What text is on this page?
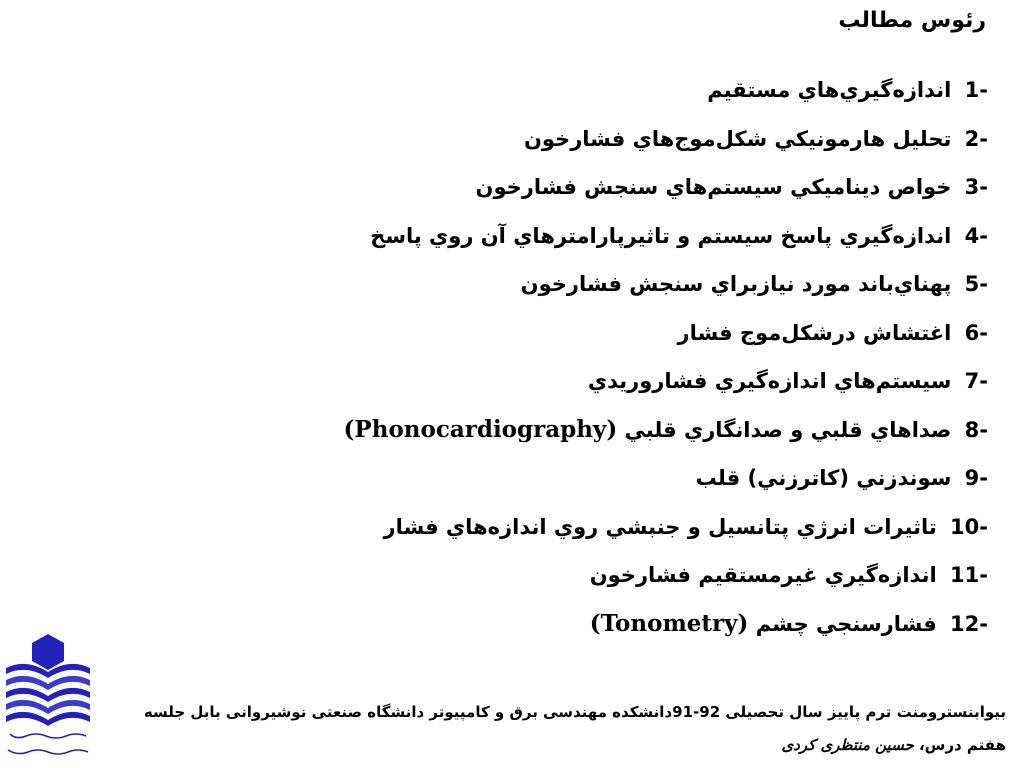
رئوس مطالب
1- اندازه‌گیري‌هاي مستقيم
2- تحليل هارمونيكي شكل‌موج‌هاي فشارخون
3- خواص ديناميكي سيستم‌هاي سنجش فشارخون
4- اندازه‌گيري پاسخ سيستم و تاثيرپارامترهاي آن روي پاسخ
5- پهناي‌باند مورد نيازبراي سنجش فشارخون
6- اغتشاش درشكل‌موج فشار
7- سيستم‌هاي اندازه‌گيري فشاروريدي
8- صداهاي قلبي و صدانگاري قلبي (Phonocardiography)
9- سوندزني (كاترزني) قلب
10- تاثيرات انرژي پتانسيل و جنبشي روي اندازه‌هاي فشار
11- اندازه‌گيري غيرمستقيم فشارخون
12- فشارسنجي چشم (Tonometry)
بيوابنسترومنت ترم پاييز سال تحصيلی 92-91دانشکده مهندسی برق و کامپيوتر دانشگاه صنعتی نوشيروانی بابل جلسه
هفتم درس، حسين منتظری کردی
